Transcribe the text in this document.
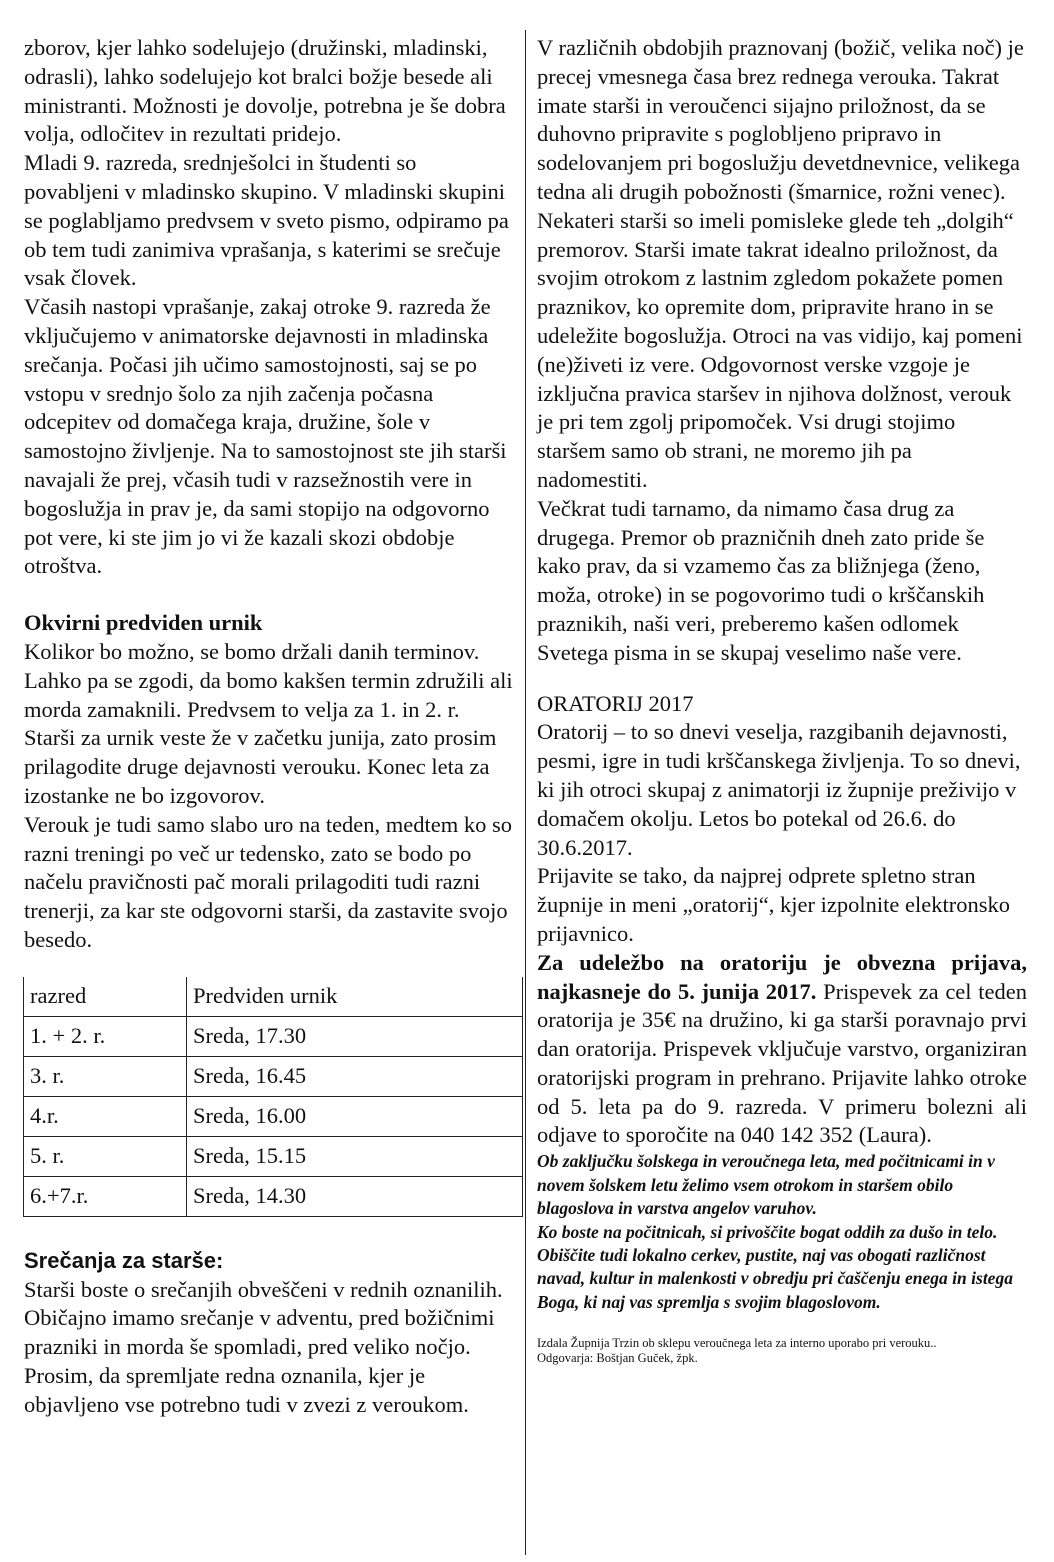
zborov, kjer lahko sodelujejo (družinski, mladinski, odrasli), lahko sodelujejo kot bralci božje besede ali ministranti. Možnosti je dovolje, potrebna je še dobra volja, odločitev in rezultati pridejo.

Mladi 9. razreda, srednješolci in študenti so povabljeni v mladinsko skupino. V mladinski skupini se poglabljamo predvsem v sveto pismo, odpiramo pa ob tem tudi zanimiva vprašanja, s katerimi se srečuje vsak človek.

Včasih nastopi vprašanje, zakaj otroke 9. razreda že vključujemo v animatorske dejavnosti in mladinska srečanja. Počasi jih učimo samostojnosti, saj se po vstopu v srednjo šolo za njih začenja počasna odcepitev od domačega kraja, družine, šole v samostojno življenje. Na to samostojnost ste jih starši navajali že prej, včasih tudi v razsežnostih vere in bogoslužja in prav je, da sami stopijo na odgovorno pot vere, ki ste jim jo vi že kazali skozi obdobje otroštva.

Okvirni predviden urnik

Kolikor bo možno, se bomo držali danih terminov. Lahko pa se zgodi, da bomo kakšen termin združili ali morda zamaknili. Predvsem to velja za 1. in 2. r.

Starši za urnik veste že v začetku junija, zato prosim prilagodite druge dejavnosti verouku. Konec leta za izostanke ne bo izgovorov.

Verouk je tudi samo slabo uro na teden, medtem ko so razni treningi po več ur tedensko, zato se bodo po načelu pravičnosti pač morali prilagoditi tudi razni trenerji, za kar ste odgovorni starši, da zastavite svojo besedo.

razred	Predviden urnik
1. + 2. r.	Sreda, 17.30
3. r.	Sreda, 16.45
4.r.	Sreda, 16.00
5. r.	Sreda, 15.15
6.+7.r.	Sreda, 14.30
Srečanja za starše:

Starši boste o srečanjih obveščeni v rednih oznanilih. Običajno imamo srečanje v adventu, pred božičnimi prazniki in morda še spomladi, pred veliko nočjo. Prosim, da spremljate redna oznanila, kjer je objavljeno vse potrebno tudi v zvezi z veroukom.

V različnih obdobjih praznovanj (božič, velika noč) je precej vmesnega časa brez rednega verouka. Takrat imate starši in veroučenci sijajno priložnost, da se duhovno pripravite s poglobljeno pripravo in sodelovanjem pri bogoslužju devetdnevnice, velikega tedna ali drugih pobožnosti (šmarnice, rožni venec).

Nekateri starši so imeli pomisleke glede teh „dolgih“ premorov. Starši imate takrat idealno priložnost, da svojim otrokom z lastnim zgledom pokažete pomen praznikov, ko opremite dom, pripravite hrano in se udeležite bogoslužja. Otroci na vas vidijo, kaj pomeni (ne)živeti iz vere. Odgovornost verske vzgoje je izključna pravica staršev in njihova dolžnost, verouk je pri tem zgolj pripomoček. Vsi drugi stojimo staršem samo ob strani, ne moremo jih pa nadomestiti.

Večkrat tudi tarnamo, da nimamo časa drug za drugega. Premor ob prazničnih dneh zato pride še kako prav, da si vzamemo čas za bližnjega (ženo, moža, otroke) in se pogovorimo tudi o krščanskih praznikih, naši veri, preberemo kašen odlomek Svetega pisma in se skupaj veselimo naše vere.

ORATORIJ 2017

Oratorij – to so dnevi veselja, razgibanih dejavnosti, pesmi, igre in tudi krščanskega življenja. To so dnevi, ki jih otroci skupaj z animatorji iz župnije preživijo v domačem okolju. Letos bo potekal od 26.6. do 30.6.2017.

Prijavite se tako, da najprej odprete spletno stran župnije in meni „oratorij“, kjer izpolnite elektronsko prijavnico.

Za udeležbo na oratoriju je obvezna prijava, najkasneje do 5. junija 2017. Prispevek za cel teden oratorija je 35€ na družino, ki ga starši poravnajo prvi dan oratorija. Prispevek vključuje varstvo, organiziran oratorijski program in prehrano. Prijavite lahko otroke od 5. leta pa do 9. razreda. V primeru bolezni ali odjave to sporočite na 040 142 352 (Laura).

Ob zaključku šolskega in veroučnega leta, med počitnicami in v novem šolskem letu želimo vsem otrokom in staršem obilo blagoslova in varstva angelov varuhov.

Ko boste na počitnicah, si privoščite bogat oddih za dušo in telo. Obiščite tudi lokalno cerkev, pustite, naj vas obogati različnost navad, kultur in malenkosti v obredju pri čaščenju enega in istega Boga, ki naj vas spremlja s svojim blagoslovom.

Izdala Župnija Trzin ob sklepu veroučnega leta za interno uporabo pri verouku..

Odgovarja: Boštjan Guček, žpk.
